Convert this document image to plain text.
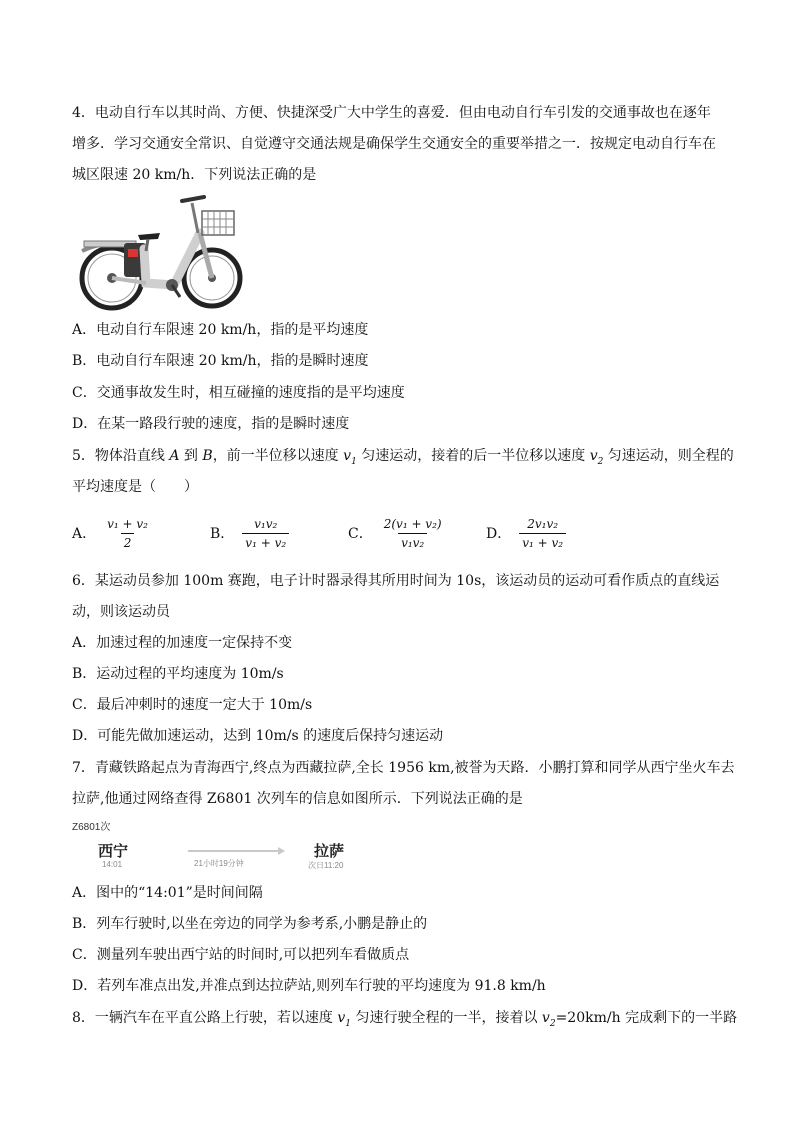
4．电动自行车以其时尚、方便、快捷深受广大中学生的喜爱．但由电动自行车引发的交通事故也在逐年
增多．学习交通安全常识、自觉遵守交通法规是确保学生交通安全的重要举措之一．按规定电动自行车在
城区限速 20 km/h．下列说法正确的是
A．电动自行车限速 20 km/h，指的是平均速度
B．电动自行车限速 20 km/h，指的是瞬时速度
C．交通事故发生时，相互碰撞的速度指的是平均速度
D．在某一路段行驶的速度，指的是瞬时速度
5．物体沿直线 A 到 B，前一半位移以速度 $v_1$ 匀速运动，接着的后一半位移以速度 $v_2$ 匀速运动，则全程的
平均速度是（　　）
A． $\frac{\text{v₁ + v₂}}{2}$	B． $\frac{\text{v₁v₂}}{\text{v₁ + v₂}}$	C． $\frac{\text{2(v₁ + v₂)}}{\text{v₁v₂}}$	D． $\frac{\text{2v₁v₂}}{\text{v₁ + v₂}}$
6．某运动员参加 100m 赛跑，电子计时器录得其所用时间为 10s，该运动员的运动可看作质点的直线运
动，则该运动员
A．加速过程的加速度一定保持不变
B．运动过程的平均速度为 10m/s
C．最后冲刺时的速度一定大于 10m/s
D．可能先做加速运动，达到 10m/s 的速度后保持匀速运动
7．青藏铁路起点为青海西宁,终点为西藏拉萨,全长 1956 km,被誉为天路．小鹏打算和同学从西宁坐火车去
拉萨,他通过网络查得 Z6801 次列车的信息如图所示．下列说法正确的是
Z6801次
西宁
14:01	21小时19分钟
拉萨
次日11:20
A．图中的“14:01”是时间间隔
B．列车行驶时,以坐在旁边的同学为参考系,小鹏是静止的
C．测量列车驶出西宁站的时间时,可以把列车看做质点
D．若列车准点出发,并准点到达拉萨站,则列车行驶的平均速度为 91.8 km/h
8．一辆汽车在平直公路上行驶，若以速度 $v_1$ 匀速行驶全程的一半，接着以 $v_2=20km/h$ 完成剩下的一半路
